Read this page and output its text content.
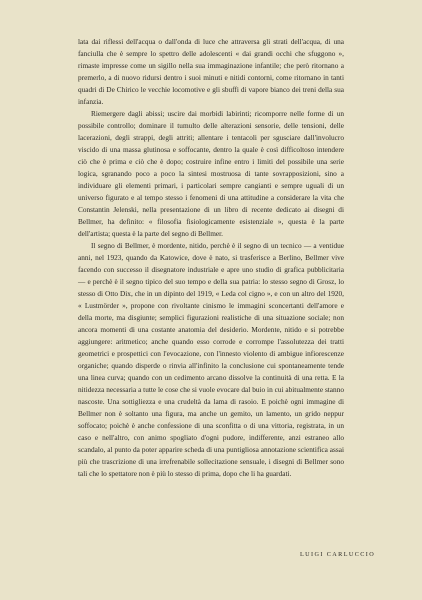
lata dai riflessi dell'acqua o dall'onda di luce che attraversa gli strati dell'acqua, di una fanciulla che è sempre lo spettro delle adolescenti « dai grandi occhi che sfuggono », rimaste impresse come un sigillo nella sua immaginazione infantile; che però ritornano a premerlo, a di nuovo ridursi dentro i suoi minuti e nitidi contorni, come ritornano in tanti quadri di De Chirico le vecchie locomotive e gli sbuffi di vapore bianco dei treni della sua infanzia.

Riemergere dagli abissi; uscire dai morbidi labirinti; ricomporre nelle forme di un possibile controllo; dominare il tumulto delle alterazioni sensorie, delle tensioni, delle lacerazioni, degli strappi, degli attriti; allentare i tentacoli per sgusciare dall'involucro viscido di una massa glutinosa e soffocante, dentro la quale è così difficoltoso intendere ciò che è prima e ciò che è dopo; costruire infine entro i limiti del possibile una serie logica, sgranando poco a poco la sintesi mostruosa di tante sovrapposizioni, sino a individuare gli elementi primari, i particolari sempre cangianti e sempre uguali di un universo figurato e al tempo stesso i fenomeni di una attitudine a considerare la vita che Constantin Jelenski, nella presentazione di un libro di recente dedicato ai disegni di Bellmer, ha definito: « filosofia fisiologicamente esistenziale », questa è la parte dell'artista; questa è la parte del segno di Bellmer.

Il segno di Bellmer, è mordente, nitido, perchè è il segno di un tecnico — a ventidue anni, nel 1923, quando da Katowice, dove è nato, si trasferisce a Berlino, Bellmer vive facendo con successo il disegnatore industriale e apre uno studio di grafica pubblicitaria — e perchè è il segno tipico del suo tempo e della sua patria: lo stesso segno di Grosz, lo stesso di Otto Dix, che in un dipinto del 1919, « Leda col cigno », e con un altro del 1920, « Lustmörder », propone con rivoltante cinismo le immagini sconcertanti dell'amore e della morte, ma disgiunte; semplici figurazioni realistiche di una situazione sociale; non ancora momenti di una costante anatomia del desiderio. Mordente, nitido e si potrebbe aggiungere: aritmetico; anche quando esso corrode e corrompe l'assolutezza dei tratti geometrici e prospettici con l'evocazione, con l'innesto violento di ambigue infiorescenze organiche; quando disperde o rinvia all'infinito la conclusione cui spontaneamente tende una linea curva; quando con un cedimento arcano dissolve la continuità di una retta. E la nitidezza necessaria a tutte le cose che si vuole evocare dal buio in cui abitualmente stanno nascoste. Una sottigliezza e una crudeltà da lama di rasoio. E poichè ogni immagine di Bellmer non è soltanto una figura, ma anche un gemito, un lamento, un grido neppur soffocato; poichè è anche confessione di una sconfitta o di una vittoria, registrata, in un caso e nell'altro, con animo spogliato d'ogni pudore, indifferente, anzi estraneo allo scandalo, al punto da poter apparire scheda di una puntigliosa annotazione scientifica assai più che trascrizione di una irrefrenabile sollecitazione sensuale, i disegni di Bellmer sono tali che lo spettatore non è più lo stesso di prima, dopo che li ha guardati.

LUIGI CARLUCCIO
